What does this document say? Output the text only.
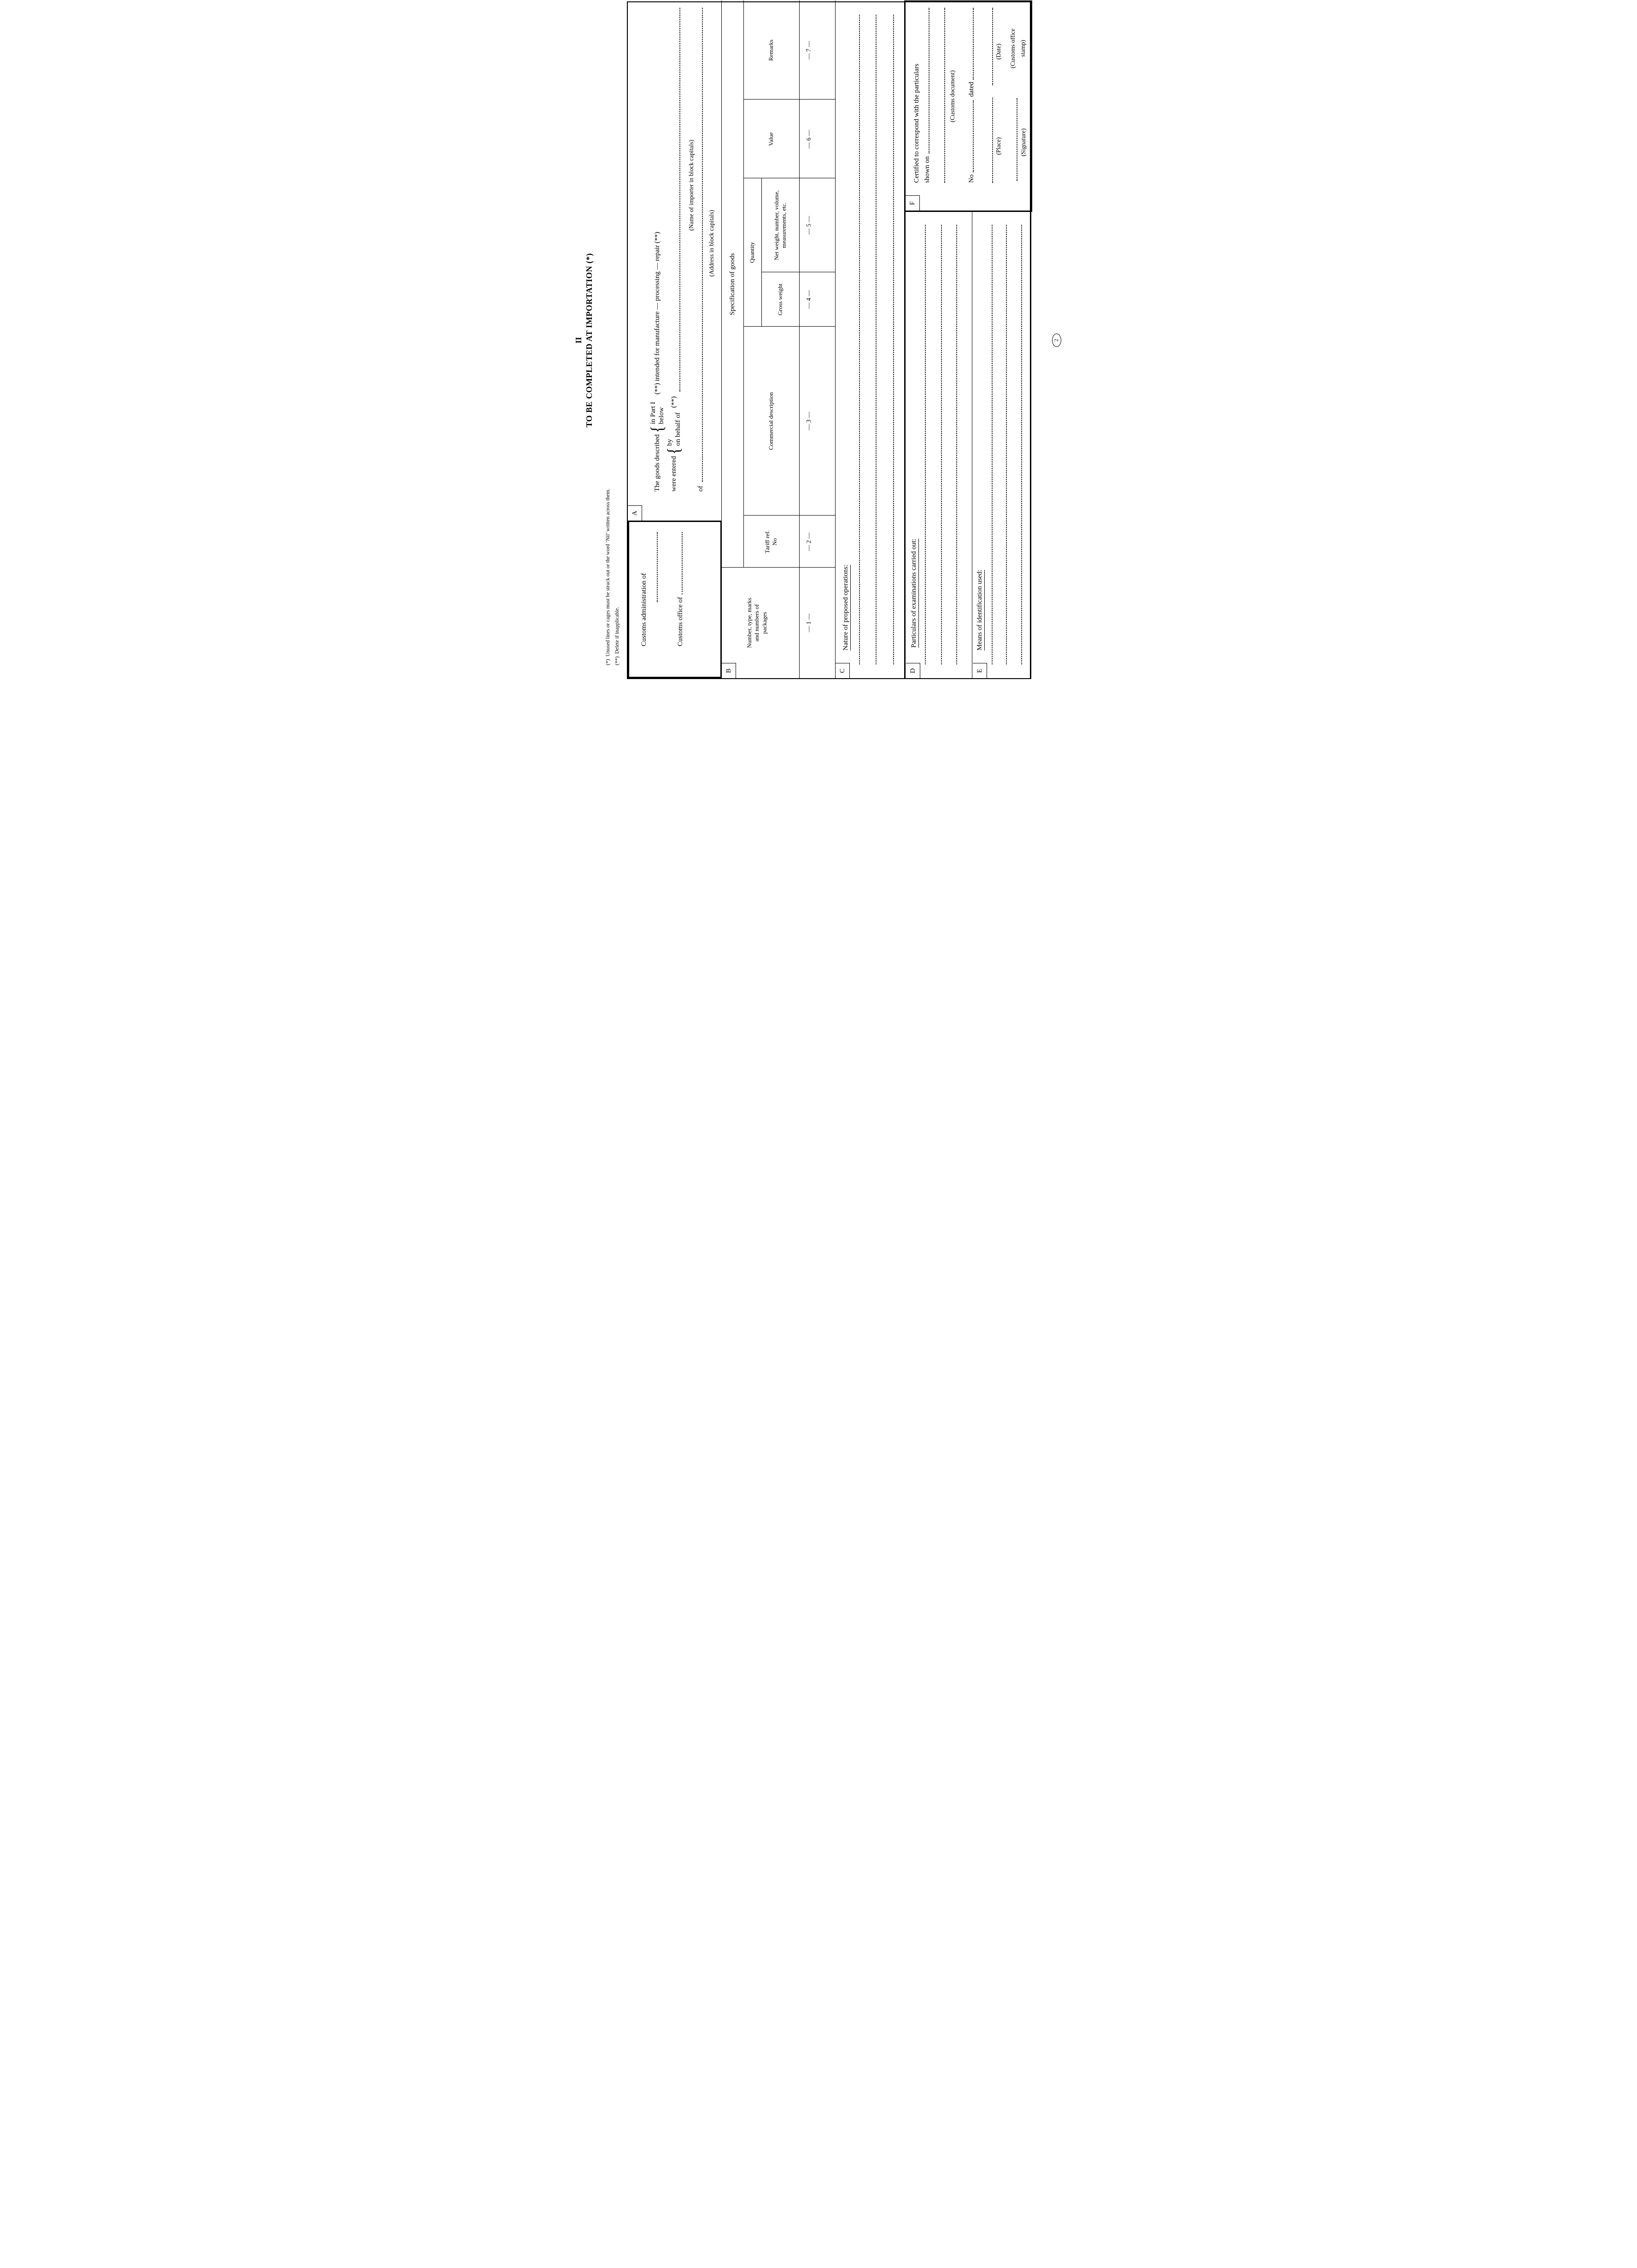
II TO BE COMPLETED AT IMPORTATION (*)
(*) Unused lines or cages must be struck out or the word ‘Nil’ written across them. (**) Delete if inapplicable.	Customs administration of	Customs office of
A
The goods described
{
in Part I below
(**) intended for manufacture — processing — repair (**)
were entered
{
by on behalf of
(**)
(Name of importer in block capitals)
of
(Address in block capitals)
B
Specification of goods
Number, type, marks and numbers of packages
Tariff ref. No
Commercial description
Quantity
Gross weight
Net weight, number, volume, measurements, etc.
Value
Remarks
— 1 —
— 2 —
— 3 —
— 4 —
— 5 —
— 6 —
— 7 —
C
Nature of proposed operations:
D
Particulars of examinations carried out:
E
Means of identification used:
F
Certified to correspond with the particulars shown on
(Customs document)
No
dated
(Place)
(Date)
(Signature)
(Customs office stamp)
2
